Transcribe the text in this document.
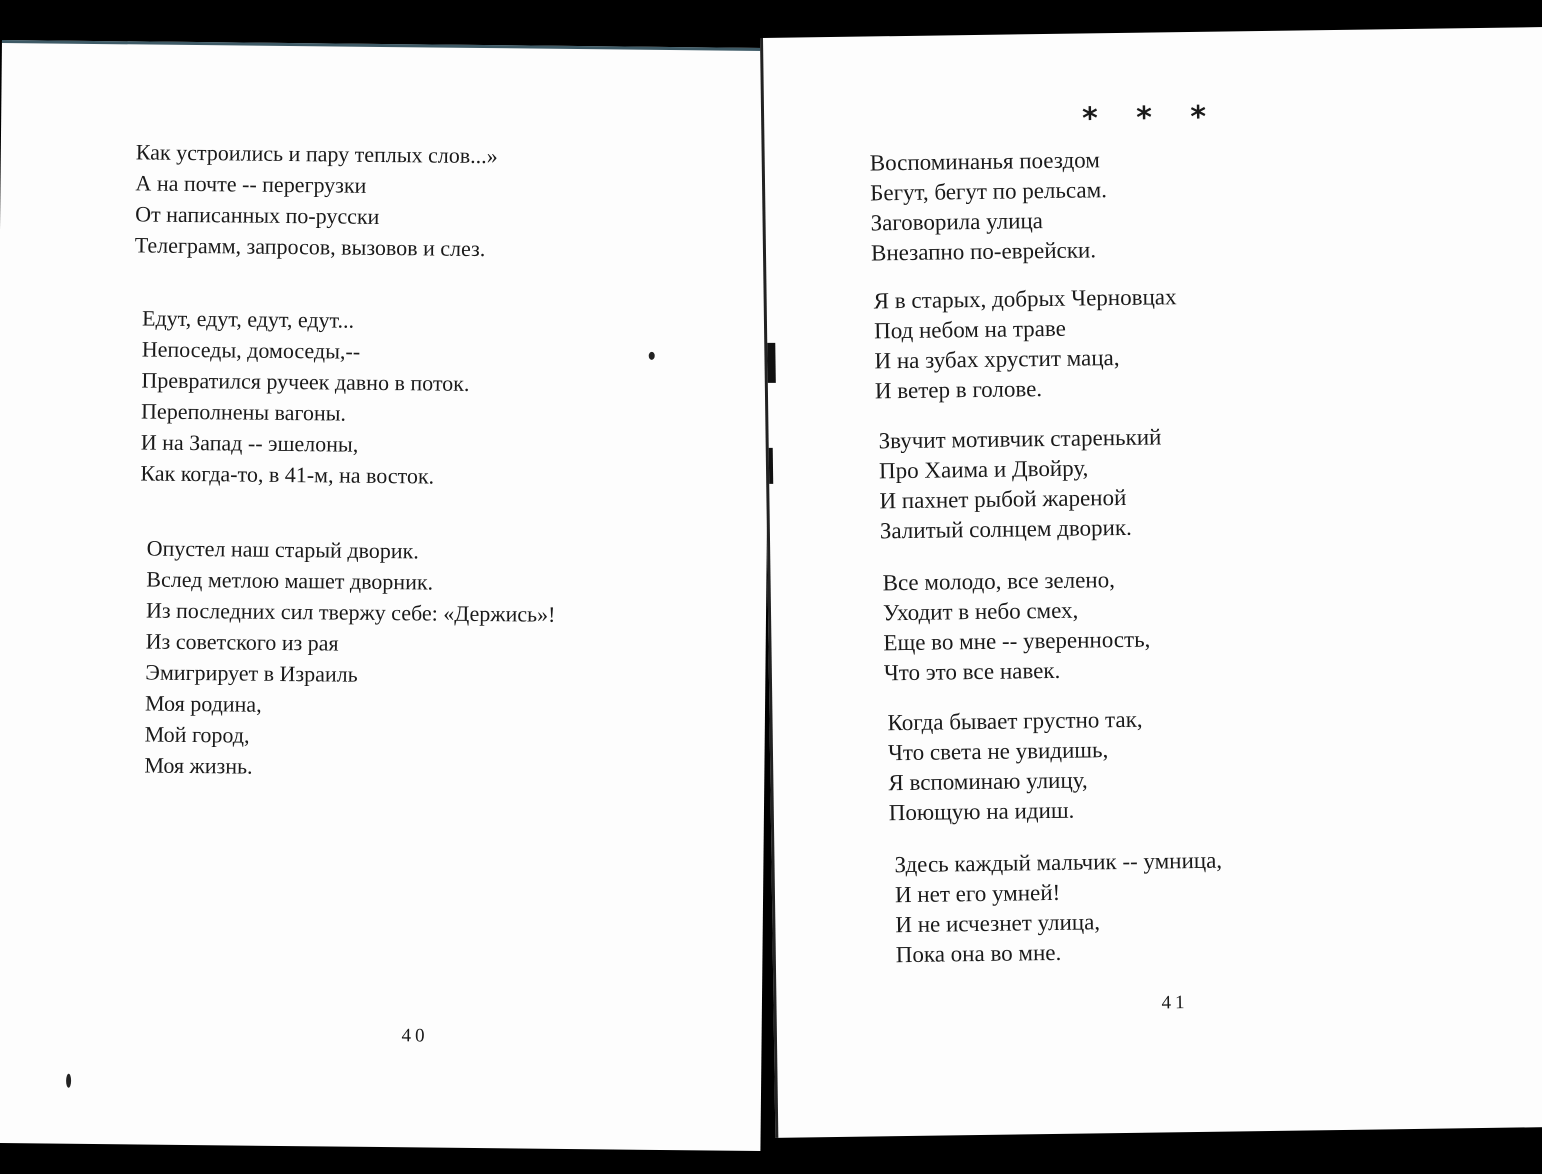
Как устроились и пару теплых слов...»
А на почте -- перегрузки
От написанных по-русски
Телеграмм, запросов, вызовов и слез.
Едут, едут, едут, едут...
Непоседы, домоседы,--
Превратился ручеек давно в поток.
Переполнены вагоны.
И на Запад -- эшелоны,
Как когда-то, в 41-м, на восток.
Опустел наш старый дворик.
Вслед метлою машет дворник.
Из последних сил твержу себе: «Держись»!
Из советского из рая
Эмигрирует в Израиль
Моя родина,
Мой город,
Моя жизнь.
40
* * *
Воспоминанья поездом
Бегут, бегут по рельсам.
Заговорила улица
Внезапно по-еврейски.
Я в старых, добрых Черновцах
Под небом на траве
И на зубах хрустит маца,
И ветер в голове.
Звучит мотивчик старенький
Про Хаима и Двойру,
И пахнет рыбой жареной
Залитый солнцем дворик.
Все молодо, все зелено,
Уходит в небо смех,
Еще во мне -- уверенность,
Что это все навек.
Когда бывает грустно так,
Что света не увидишь,
Я вспоминаю улицу,
Поющую на идиш.
Здесь каждый мальчик -- умница,
И нет его умней!
И не исчезнет улица,
Пока она во мне.
41
